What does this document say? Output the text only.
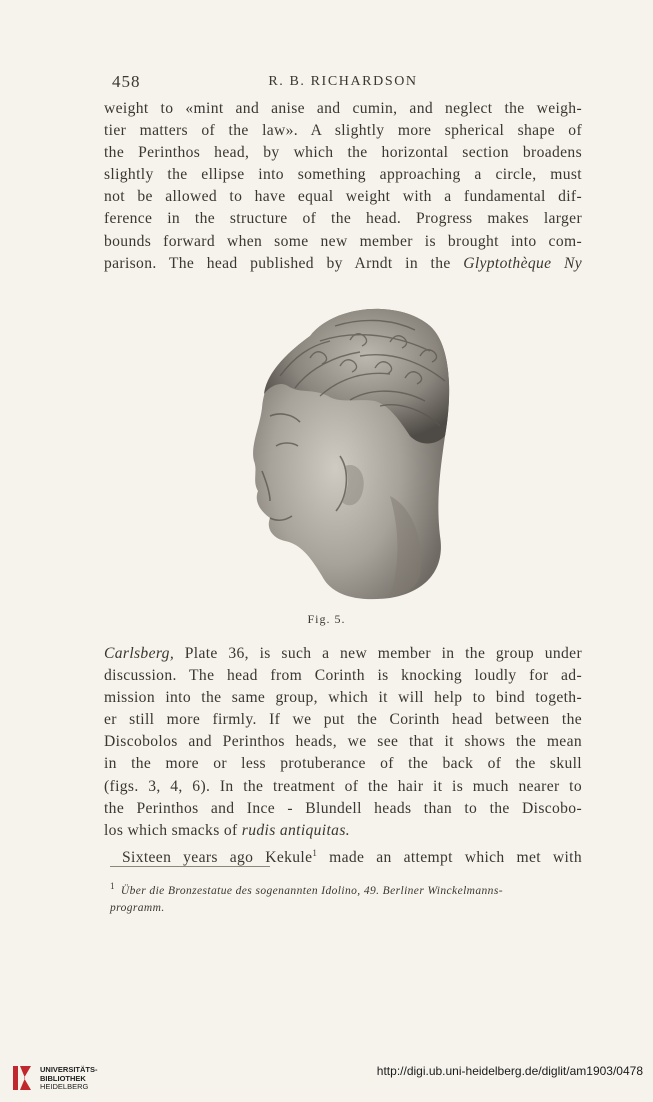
458	R. B. RICHARDSON
weight to «mint and anise and cumin, and neglect the weigh-
tier matters of the law». A slightly more spherical shape of
the Perinthos head, by which the horizontal section broadens
slightly the ellipse into something approaching a circle, must
not be allowed to have equal weight with a fundamental dif-
ference in the structure of the head. Progress makes larger
bounds forward when some new member is brought into com-
parison. The head published by Arndt in the Glyptothèque Ny
Fig. 5.
Carlsberg, Plate 36, is such a new member in the group under
discussion. The head from Corinth is knocking loudly for ad-
mission into the same group, which it will help to bind togeth-
er still more firmly. If we put the Corinth head between the
Discobolos and Perinthos heads, we see that it shows the mean
in the more or less protuberance of the back of the skull
(figs. 3, 4, 6). In the treatment of the hair it is much nearer to
the Perinthos and Ince - Blundell heads than to the Discobo-
los which smacks of rudis antiquitas.
Sixteen years ago Kekule$^1$ made an attempt which met with
$^1$ Über die Bronzestatue des sogenannten Idolino, 49. Berliner Winckelmanns-
programm.
UNIVERSITÄTS-
BIBLIOTHEK
HEIDELBERG
http://digi.ub.uni-heidelberg.de/diglit/am1903/0478
